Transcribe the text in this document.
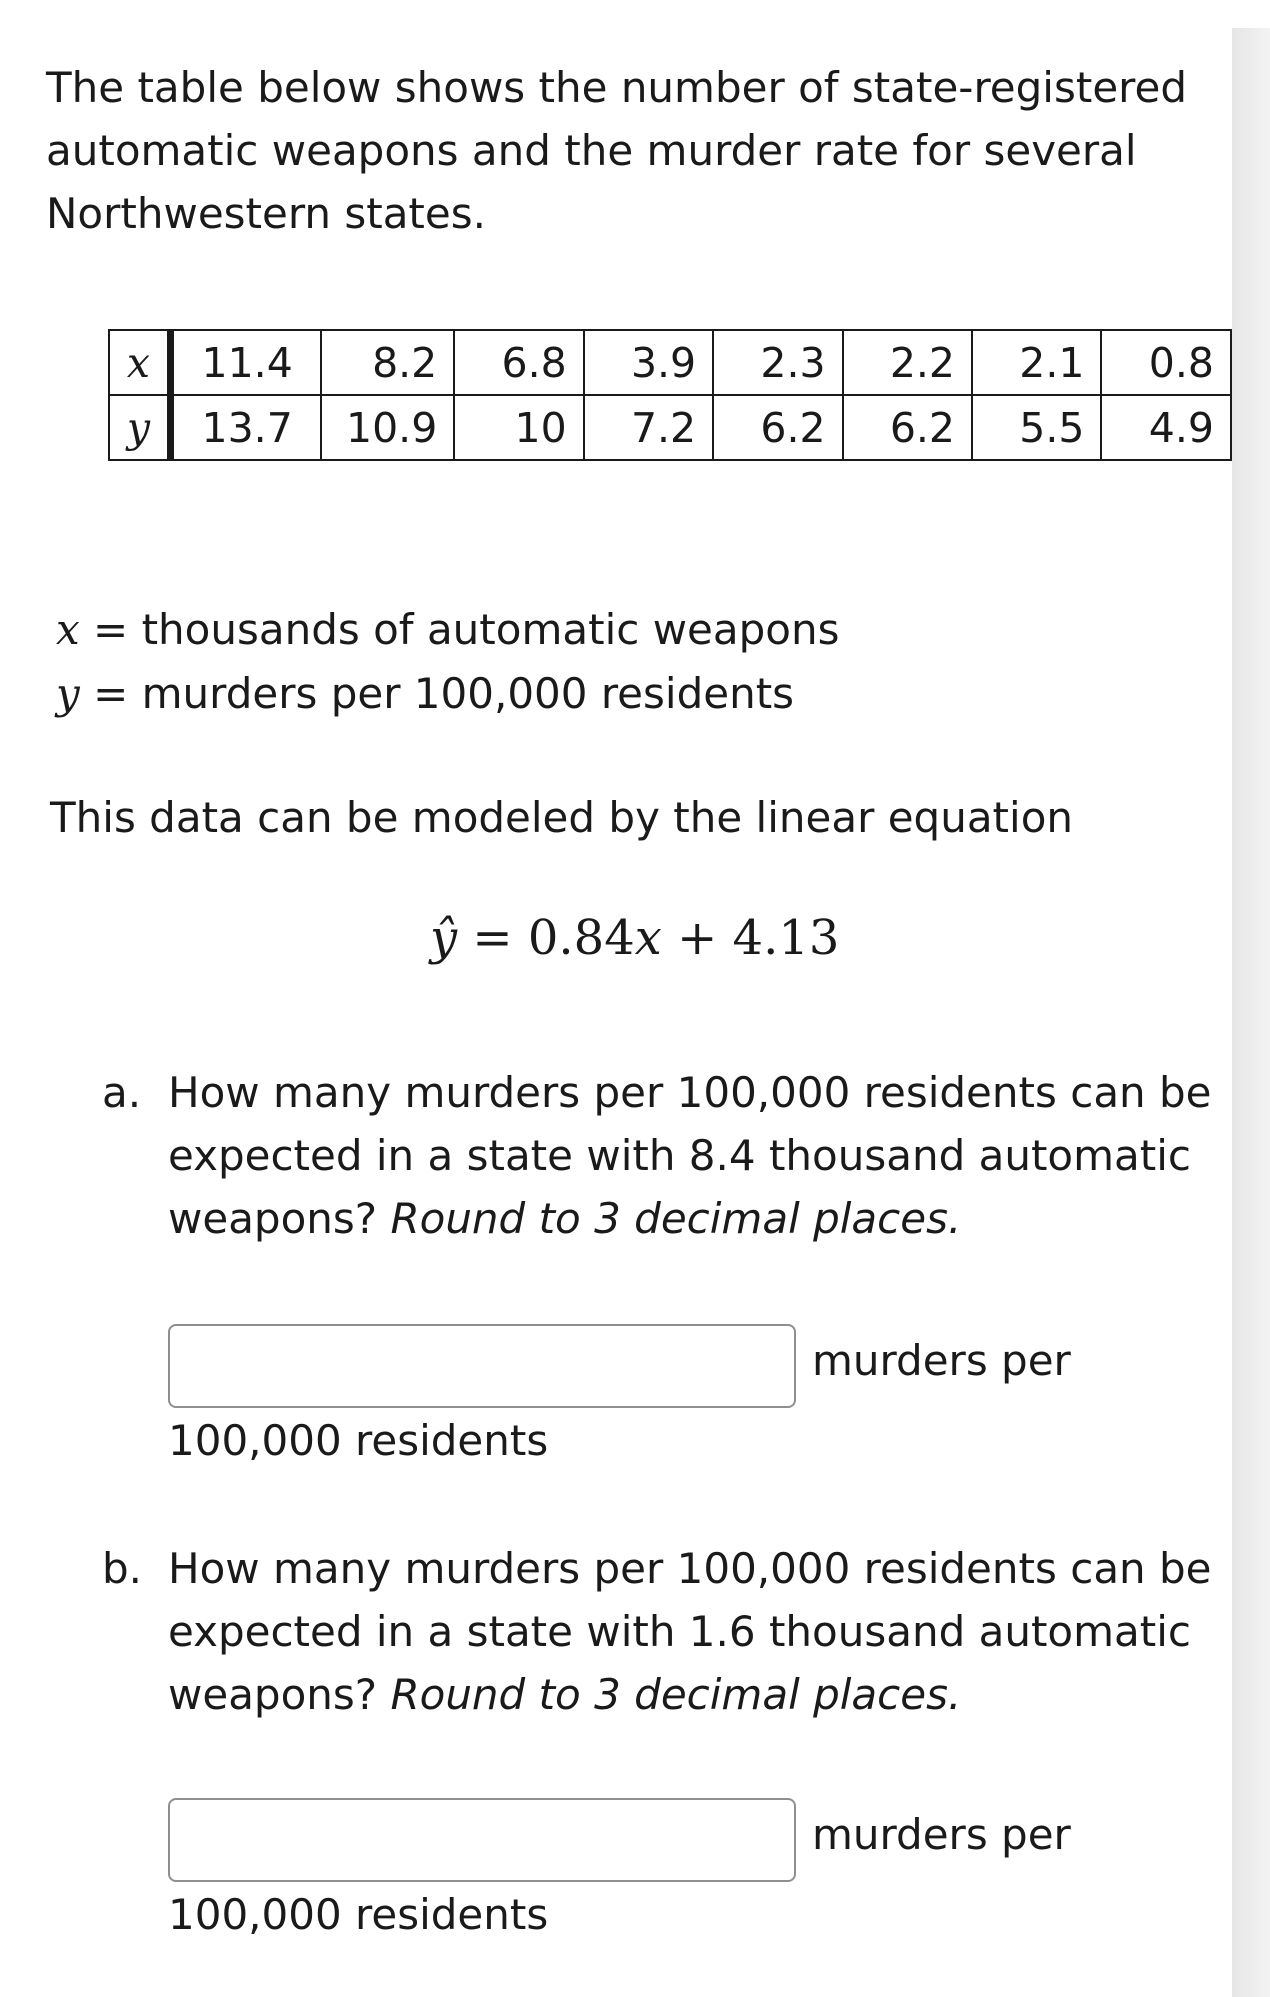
The table below shows the number of state-registered
automatic weapons and the murder rate for several
Northwestern states.
x	11.4	8.2	6.8	3.9	2.3	2.2	2.1	0.8
y	13.7	10.9	10	7.2	6.2	6.2	5.5	4.9
x = thousands of automatic weapons
y = murders per 100,000 residents
This data can be modeled by the linear equation
ŷ = 0.84x + 4.13
a. How many murders per 100,000 residents can be
expected in a state with 8.4 thousand automatic
weapons? Round to 3 decimal places.
murders per
100,000 residents
b. How many murders per 100,000 residents can be
expected in a state with 1.6 thousand automatic
weapons? Round to 3 decimal places.
murders per
100,000 residents
